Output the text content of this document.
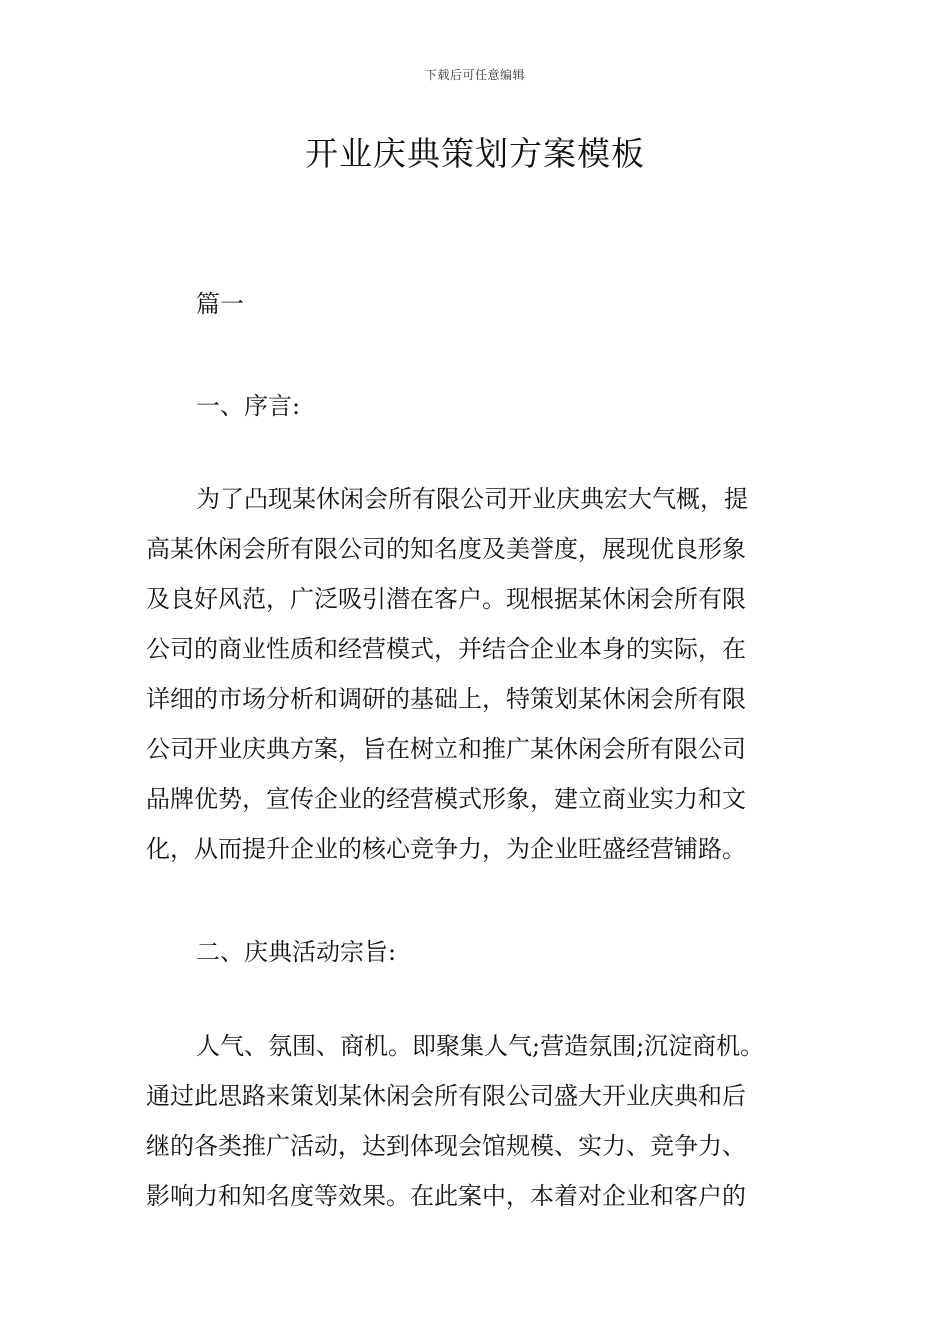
下载后可任意编辑
开业庆典策划方案模板

篇一

一、序言:

为了凸现某休闲会所有限公司开业庆典宏大气概，提
高某休闲会所有限公司的知名度及美誉度，展现优良形象
及良好风范，广泛吸引潜在客户。现根据某休闲会所有限
公司的商业性质和经营模式，并结合企业本身的实际，在
详细的市场分析和调研的基础上，特策划某休闲会所有限
公司开业庆典方案，旨在树立和推广某休闲会所有限公司
品牌优势，宣传企业的经营模式形象，建立商业实力和文
化，从而提升企业的核心竞争力，为企业旺盛经营铺路。

二、庆典活动宗旨:

人气、氛围、商机。即聚集人气;营造氛围;沉淀商机。
通过此思路来策划某休闲会所有限公司盛大开业庆典和后
继的各类推广活动，达到体现会馆规模、实力、竞争力、
影响力和知名度等效果。在此案中，本着对企业和客户的
